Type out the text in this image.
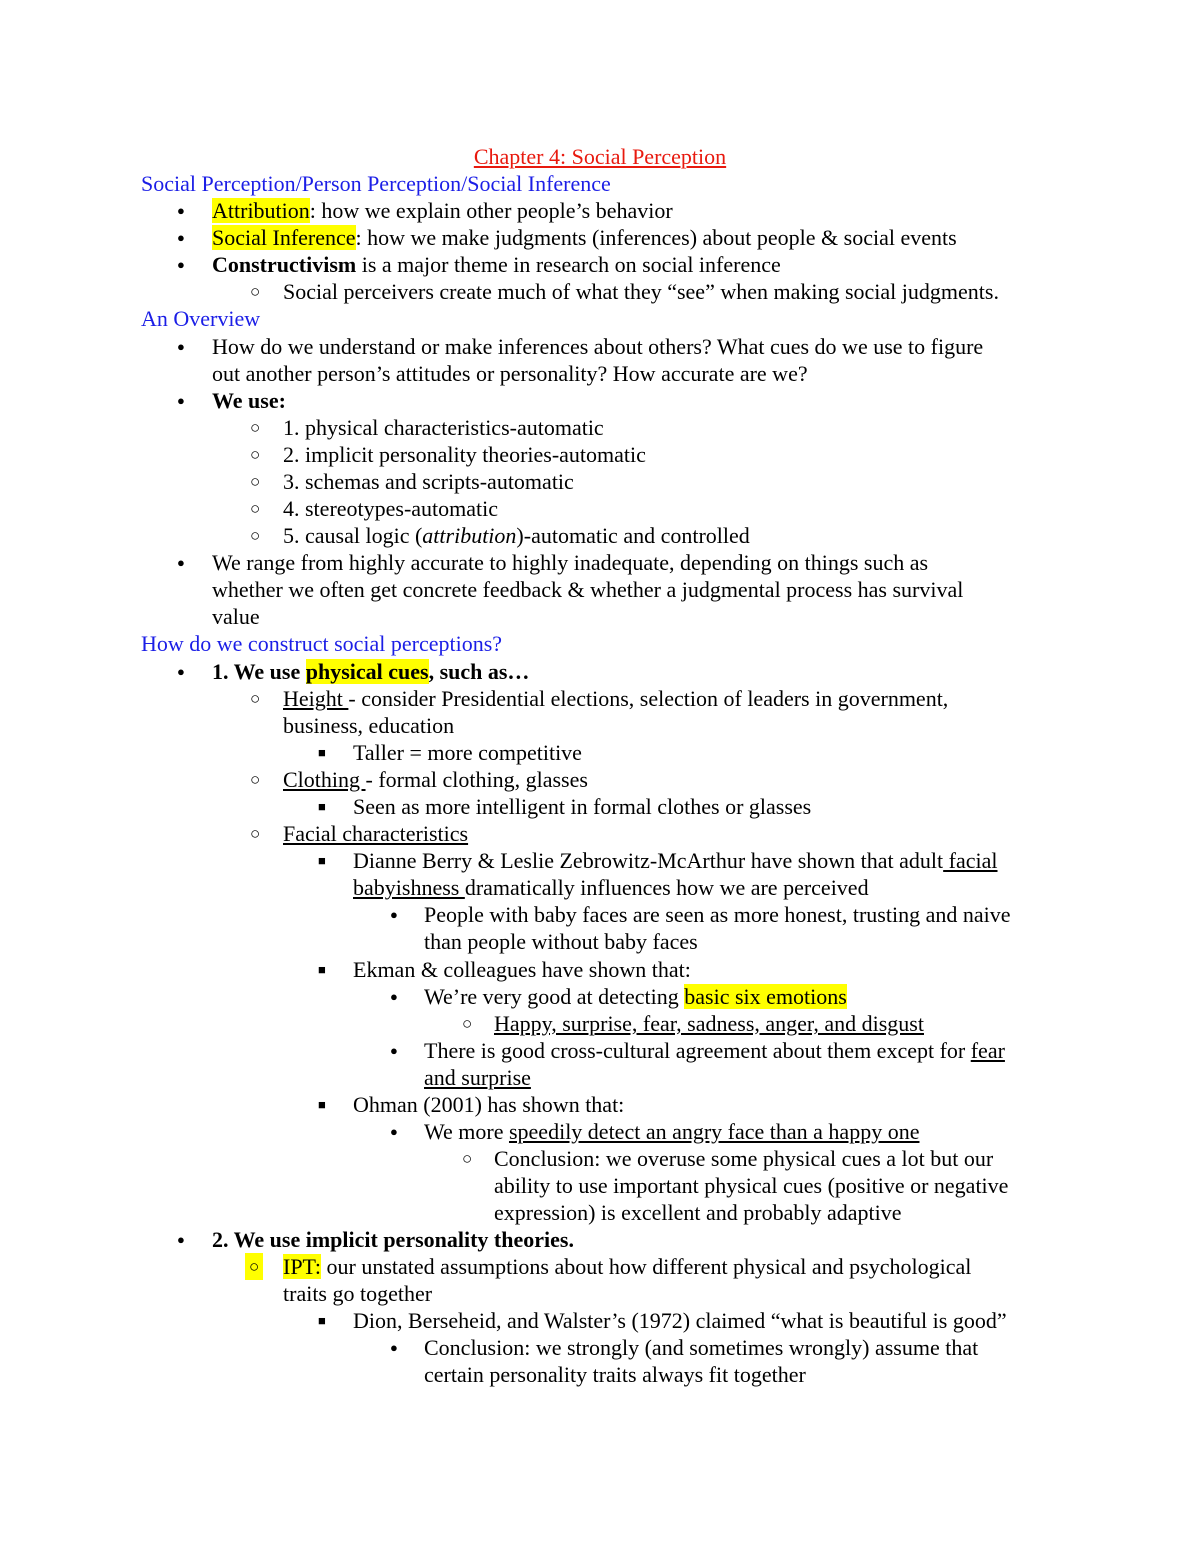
Chapter 4: Social Perception
Social Perception/Person Perception/Social Inference
● Attribution: how we explain other people’s behavior
● Social Inference: how we make judgments (inferences) about people & social events
● Constructivism is a major theme in research on social inference
○ Social perceivers create much of what they “see” when making social judgments.
An Overview
● How do we understand or make inferences about others? What cues do we use to figure
out another person’s attitudes or personality? How accurate are we?
● We use:
○ 1. physical characteristics-automatic
○ 2. implicit personality theories-automatic
○ 3. schemas and scripts-automatic
○ 4. stereotypes-automatic
○ 5. causal logic (attribution)-automatic and controlled
● We range from highly accurate to highly inadequate, depending on things such as
whether we often get concrete feedback & whether a judgmental process has survival
value
How do we construct social perceptions?
● 1. We use physical cues, such as…
○ Height - consider Presidential elections, selection of leaders in government,
business, education
■ Taller = more competitive
○ Clothing - formal clothing, glasses
■ Seen as more intelligent in formal clothes or glasses
○ Facial characteristics
■ Dianne Berry & Leslie Zebrowitz-McArthur have shown that adult facial
babyishness dramatically influences how we are perceived
● People with baby faces are seen as more honest, trusting and naive
than people without baby faces
■ Ekman & colleagues have shown that:
● We’re very good at detecting basic six emotions
○ Happy, surprise, fear, sadness, anger, and disgust
● There is good cross-cultural agreement about them except for fear
and surprise
■ Ohman (2001) has shown that:
● We more speedily detect an angry face than a happy one
○ Conclusion: we overuse some physical cues a lot but our
ability to use important physical cues (positive or negative
expression) is excellent and probably adaptive
● 2. We use implicit personality theories.
○ IPT: our unstated assumptions about how different physical and psychological
traits go together
■ Dion, Berseheid, and Walster’s (1972) claimed “what is beautiful is good”
● Conclusion: we strongly (and sometimes wrongly) assume that
certain personality traits always fit together
